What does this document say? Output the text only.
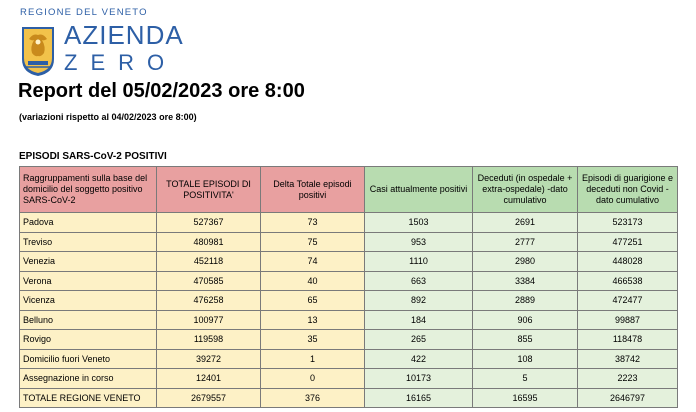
REGIONE DEL VENETO
AZIENDA
ZERO
Report del 05/02/2023 ore 8:00
(variazioni rispetto al 04/02/2023 ore 8:00)
EPISODI SARS-CoV-2 POSITIVI
Raggruppamenti sulla base del domicilio del soggetto positivo SARS-CoV-2	TOTALE EPISODI DI POSITIVITA'	Delta Totale episodi positivi	Casi attualmente positivi	Deceduti (in ospedale + extra-ospedale) -dato cumulativo	Episodi di guarigione e deceduti non Covid - dato cumulativo
Padova	527367	73	1503	2691	523173
Treviso	480981	75	953	2777	477251
Venezia	452118	74	1110	2980	448028
Verona	470585	40	663	3384	466538
Vicenza	476258	65	892	2889	472477
Belluno	100977	13	184	906	99887
Rovigo	119598	35	265	855	118478
Domicilio fuori Veneto	39272	1	422	108	38742
Assegnazione in corso	12401	0	10173	5	2223
TOTALE REGIONE VENETO	2679557	376	16165	16595	2646797
